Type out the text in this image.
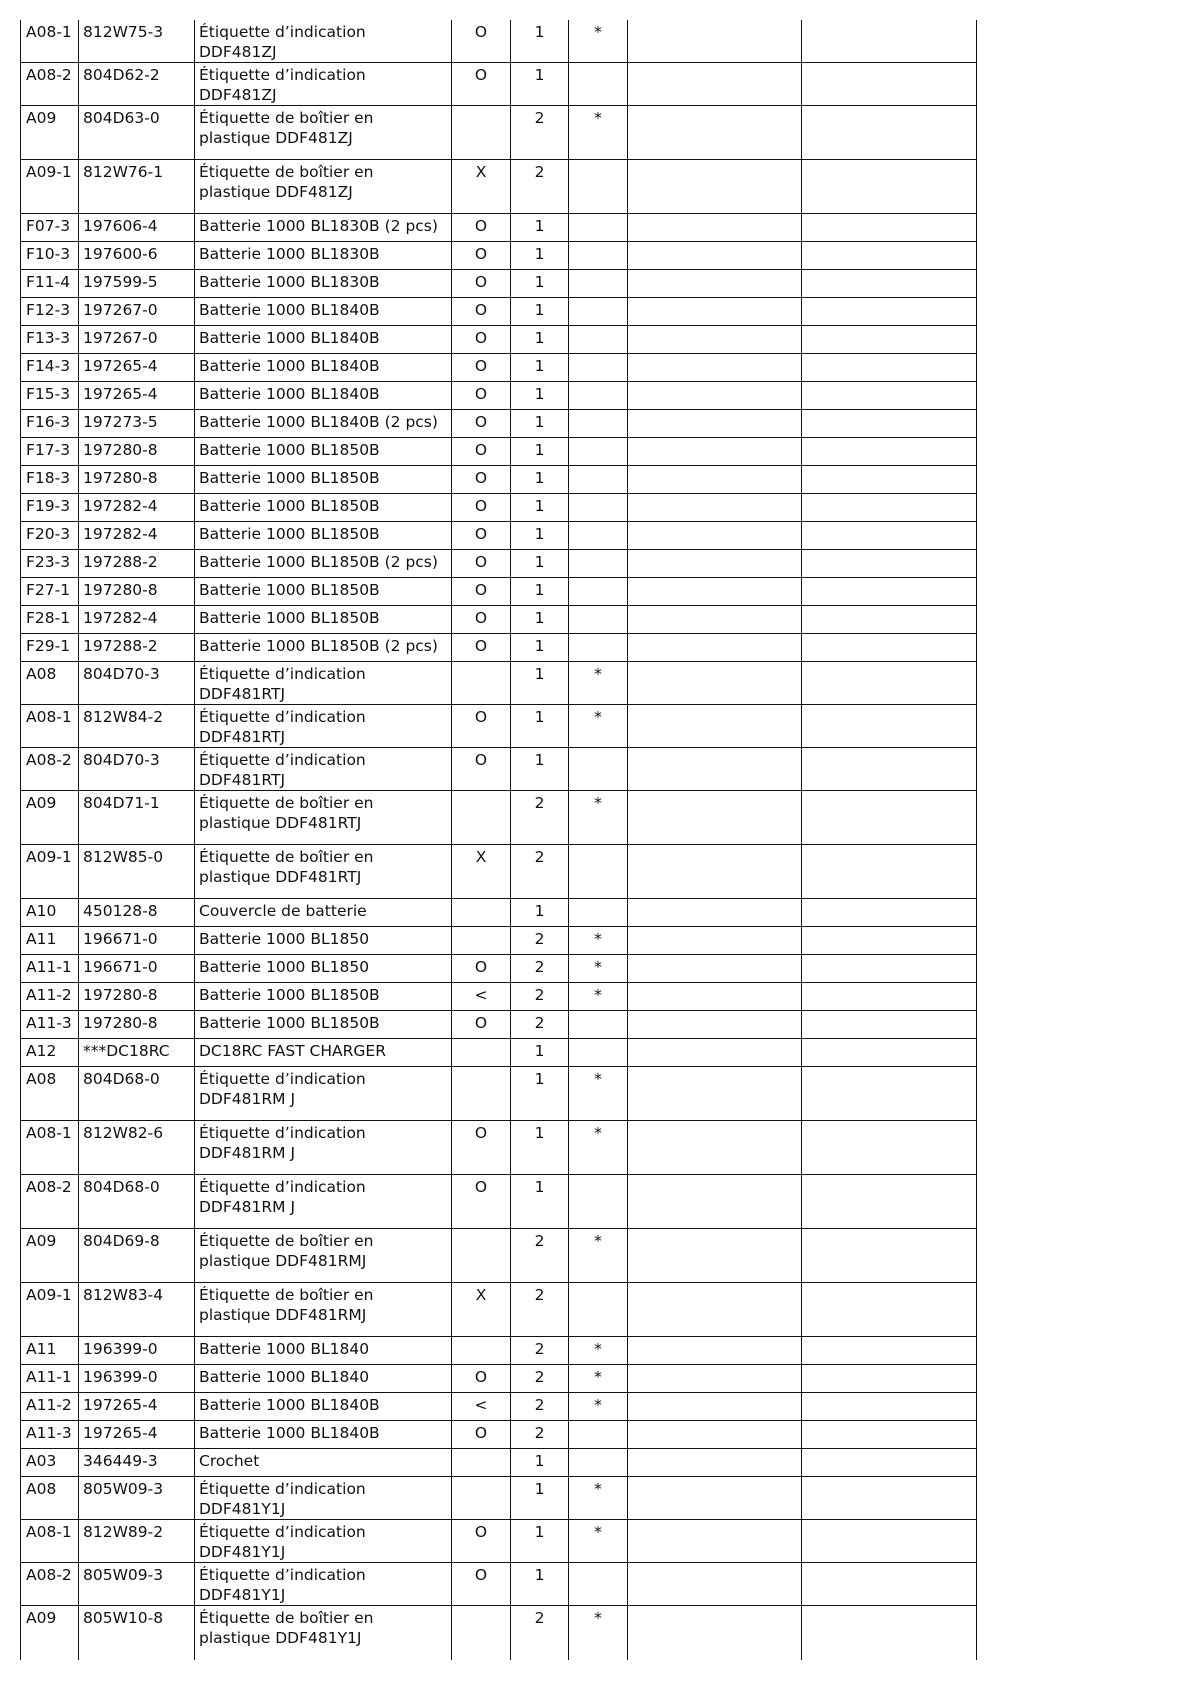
A08-1	812W75-3	Étiquette d’indication DDF481ZJ	O	1	*		
A08-2	804D62-2	Étiquette d’indication DDF481ZJ	O	1			
A09	804D63-0	Étiquette de boîtier en plastique DDF481ZJ		2	*		
A09-1	812W76-1	Étiquette de boîtier en plastique DDF481ZJ	X	2			
F07-3	197606-4	Batterie 1000 BL1830B (2 pcs)	O	1			
F10-3	197600-6	Batterie 1000 BL1830B	O	1			
F11-4	197599-5	Batterie 1000 BL1830B	O	1			
F12-3	197267-0	Batterie 1000 BL1840B	O	1			
F13-3	197267-0	Batterie 1000 BL1840B	O	1			
F14-3	197265-4	Batterie 1000 BL1840B	O	1			
F15-3	197265-4	Batterie 1000 BL1840B	O	1			
F16-3	197273-5	Batterie 1000 BL1840B (2 pcs)	O	1			
F17-3	197280-8	Batterie 1000 BL1850B	O	1			
F18-3	197280-8	Batterie 1000 BL1850B	O	1			
F19-3	197282-4	Batterie 1000 BL1850B	O	1			
F20-3	197282-4	Batterie 1000 BL1850B	O	1			
F23-3	197288-2	Batterie 1000 BL1850B (2 pcs)	O	1			
F27-1	197280-8	Batterie 1000 BL1850B	O	1			
F28-1	197282-4	Batterie 1000 BL1850B	O	1			
F29-1	197288-2	Batterie 1000 BL1850B (2 pcs)	O	1			
A08	804D70-3	Étiquette d’indication DDF481RTJ		1	*		
A08-1	812W84-2	Étiquette d’indication DDF481RTJ	O	1	*		
A08-2	804D70-3	Étiquette d’indication DDF481RTJ	O	1			
A09	804D71-1	Étiquette de boîtier en plastique DDF481RTJ		2	*		
A09-1	812W85-0	Étiquette de boîtier en plastique DDF481RTJ	X	2			
A10	450128-8	Couvercle de batterie		1			
A11	196671-0	Batterie 1000 BL1850		2	*		
A11-1	196671-0	Batterie 1000 BL1850	O	2	*		
A11-2	197280-8	Batterie 1000 BL1850B	<	2	*		
A11-3	197280-8	Batterie 1000 BL1850B	O	2			
A12	***DC18RC	DC18RC FAST CHARGER		1			
A08	804D68-0	Étiquette d’indication DDF481RM J		1	*		
A08-1	812W82-6	Étiquette d’indication DDF481RM J	O	1	*		
A08-2	804D68-0	Étiquette d’indication DDF481RM J	O	1			
A09	804D69-8	Étiquette de boîtier en plastique DDF481RMJ		2	*		
A09-1	812W83-4	Étiquette de boîtier en plastique DDF481RMJ	X	2			
A11	196399-0	Batterie 1000 BL1840		2	*		
A11-1	196399-0	Batterie 1000 BL1840	O	2	*		
A11-2	197265-4	Batterie 1000 BL1840B	<	2	*		
A11-3	197265-4	Batterie 1000 BL1840B	O	2			
A03	346449-3	Crochet		1			
A08	805W09-3	Étiquette d’indication DDF481Y1J		1	*		
A08-1	812W89-2	Étiquette d’indication DDF481Y1J	O	1	*		
A08-2	805W09-3	Étiquette d’indication DDF481Y1J	O	1			
A09	805W10-8	Étiquette de boîtier en plastique DDF481Y1J		2	*		
